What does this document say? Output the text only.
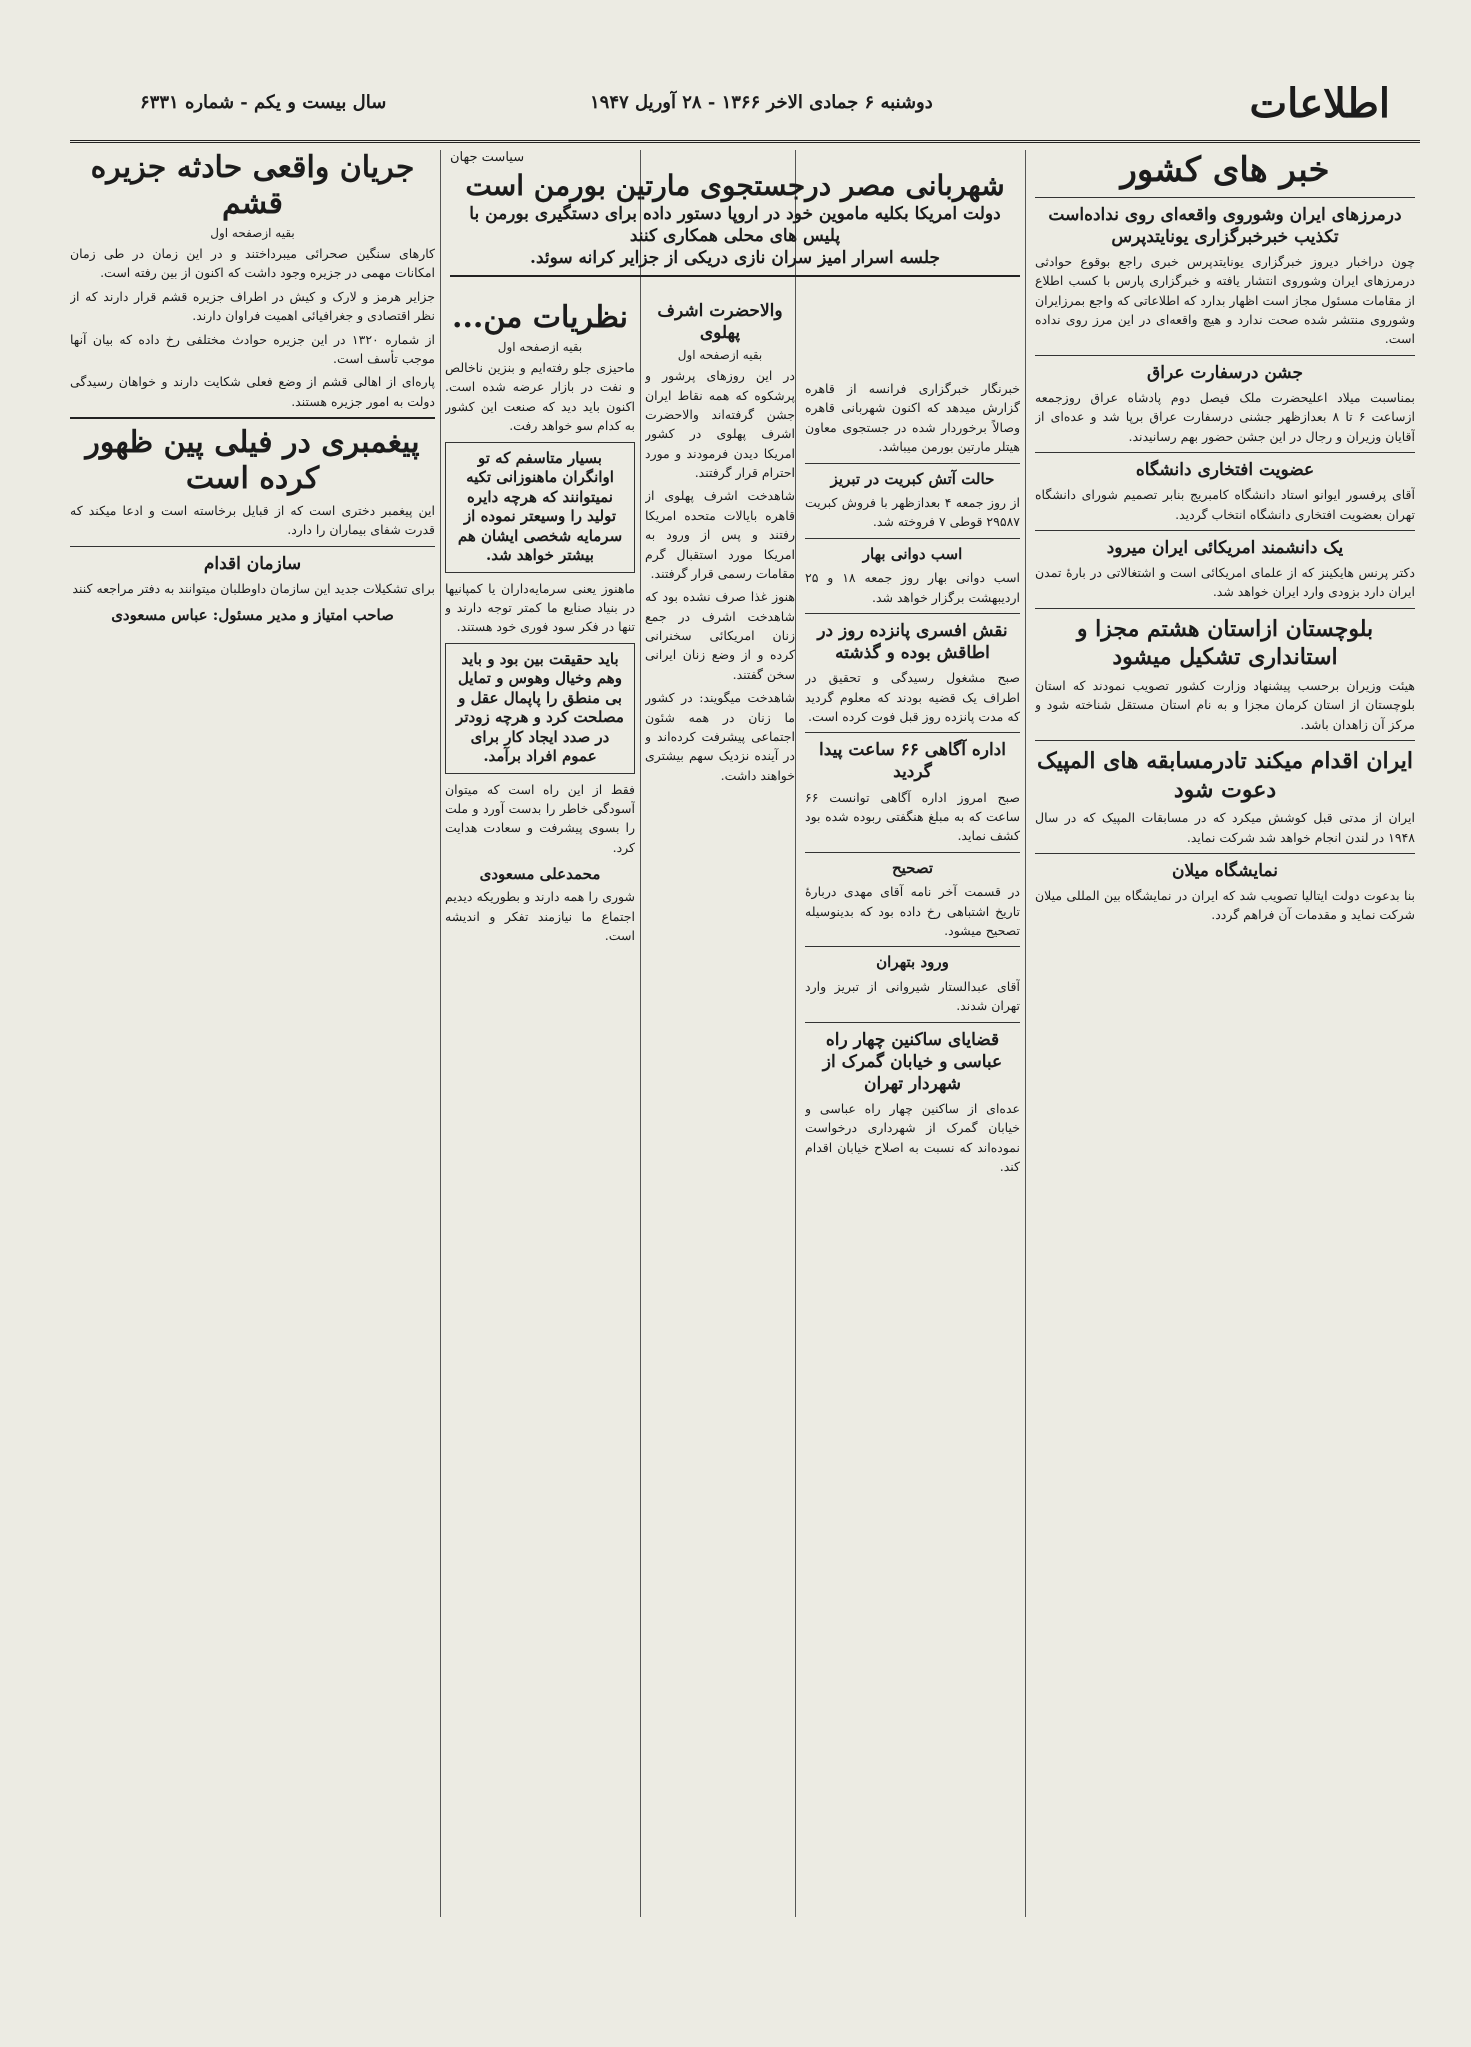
سال بیست و یکم - شماره ۶۳۳۱	دوشنبه ۶ جمادی الاخر ۱۳۶۶ - ۲۸ آوریل ۱۹۴۷	اطلاعات
خبر های کشور
درمرزهای ایران وشوروی واقعه‌ای روی نداده‌است تکذیب خبرخبرگزاری یونایتدپرس

چون دراخبار دیروز خبرگزاری یونایتدپرس خبری راجع بوقوع حوادثی درمرزهای ایران وشوروی انتشار یافته و خبرگزاری پارس با کسب اطلاع از مقامات مسئول مجاز است اظهار بدارد که اطلاعاتی که واجع بمرزایران وشوروی منتشر شده صحت ندارد و هیچ واقعه‌ای در این مرز روی نداده است.

جشن درسفارت عراق

بمناسبت میلاد اعلیحضرت ملک فیصل دوم پادشاه عراق روزجمعه ازساعت ۶ تا ۸ بعدازظهر جشنی درسفارت عراق برپا شد و عده‌ای از آقایان وزیران و رجال در این جشن حضور بهم رسانیدند.

عضویت افتخاری دانشگاه

آقای پرفسور ایوانو استاد دانشگاه کامبریج بنابر تصمیم شورای دانشگاه تهران بعضویت افتخاری دانشگاه انتخاب گردید.

یک دانشمند امریکائی ایران میرود

دکتر پرنس هایکینز که از علمای امریکائی است و اشتغالاتی در بارهٔ تمدن ایران دارد بزودی وارد ایران خواهد شد.

بلوچستان ازاستان هشتم مجزا و استانداری تشکیل میشود

هیئت وزیران برحسب پیشنهاد وزارت کشور تصویب نمودند که استان بلوچستان از استان کرمان مجزا و به نام استان مستقل شناخته شود و مرکز آن زاهدان باشد.

ایران اقدام میکند تادرمسابقه های المپیک دعوت شود

ایران از مدتی قبل کوشش میکرد که در مسابقات المپیک که در سال ۱۹۴۸ در لندن انجام خواهد شد شرکت نماید.

نمایشگاه میلان

بنا بدعوت دولت ایتالیا تصویب شد که ایران در نمایشگاه بین المللی میلان شرکت نماید و مقدمات آن فراهم گردد.

سیاست جهان
شهربانی مصر درجستجوی مارتین بورمن است
دولت امریکا بکلیه ماموین خود در اروپا دستور داده برای دستگیری بورمن با پلیس های محلی همکاری کنند
جلسه اسرار امیز سران نازی دریکی از جزایر کرانه سوئد.

خبرنگار خبرگزاری فرانسه از قاهره گزارش میدهد که اکنون شهربانی قاهره وصالاً برخوردار شده در جستجوی معاون هیتلر مارتین بورمن میباشد.

حالت آتش کبریت در تبریز

از روز جمعه ۴ بعدازظهر با فروش کبریت ۲۹۵۸۷ قوطی ۷ فروخته شد.

اسب دوانی بهار

اسب دوانی بهار روز جمعه ۱۸ و ۲۵ اردیبهشت برگزار خواهد شد.

نقش افسری پانزده روز در اطاقش بوده و گذشته

صبح مشغول رسیدگی و تحقیق در اطراف یک قضیه بودند که معلوم گردید که مدت پانزده روز قبل فوت کرده است.

اداره آگاهی ۶۶ ساعت پیدا گردید

صبح امروز اداره آگاهی توانست ۶۶ ساعت که به مبلغ هنگفتی ربوده شده بود کشف نماید.

تصحیح

در قسمت آخر نامه آقای مهدی دربارهٔ تاریخ اشتباهی رخ داده بود که بدینوسیله تصحیح میشود.

ورود بتهران

آقای عبدالستار شیروانی از تبریز وارد تهران شدند.

قضایای ساکنین چهار راه عباسی و خیابان گمرک از شهردار تهران

عده‌ای از ساکنین چهار راه عباسی و خیابان گمرک از شهرداری درخواست نموده‌اند که نسبت به اصلاح خیابان اقدام کند.

والاحضرت اشرف پهلوی
بقیه ازصفحه اول

در این روزهای پرشور و پرشکوه که همه نقاط ایران جشن گرفته‌اند والاحضرت اشرف پهلوی در کشور امریکا دیدن فرمودند و مورد احترام قرار گرفتند.

شاهدخت اشرف پهلوی از قاهره بایالات متحده امریکا رفتند و پس از ورود به امریکا مورد استقبال گرم مقامات رسمی قرار گرفتند.

هنوز غذا صرف نشده بود که شاهدخت اشرف در جمع زنان امریکائی سخنرانی کرده و از وضع زنان ایرانی سخن گفتند.

شاهدخت میگویند: در کشور ما زنان در همه شئون اجتماعی پیشرفت کرده‌اند و در آینده نزدیک سهم بیشتری خواهند داشت.

نظریات من...
بقیه ازصفحه اول

ماحیزی جلو رفته‌ایم و بنزین ناخالص و نفت در بازار عرضه شده است. اکنون باید دید که صنعت این کشور به کدام سو خواهد رفت.

بسیار متاسفم که تو اوانگران ماهنوزانی تکیه نمیتوانند که هرچه دایره تولید را وسیعتر نموده از سرمایه شخصی ایشان هم بیشتر خواهد شد.

ماهنوز یعنی سرمایه‌داران یا کمپانیها در بنیاد صنایع ما کمتر توجه دارند و تنها در فکر سود فوری خود هستند.

باید حقیقت بین بود و باید وهم وخیال وهوس و تمایل بی منطق را پاپمال عقل و مصلحت کرد و هرچه زودتر در صدد ایجاد کار برای عموم افراد برآمد.

فقط از این راه است که میتوان آسودگی خاطر را بدست آورد و ملت را بسوی پیشرفت و سعادت هدایت کرد.

محمدعلی مسعودی

شوری را همه دارند و بطوریکه دیدیم اجتماع ما نیازمند تفکر و اندیشه است.

جریان واقعی حادثه جزیره قشم
بقیه ازصفحه اول

کارهای سنگین صحرائی میبرداختند و در این زمان در طی زمان امکانات مهمی در جزیره وجود داشت که اکنون از بین رفته است.

جزایر هرمز و لارک و کیش در اطراف جزیره قشم قرار دارند که از نظر اقتصادی و جغرافیائی اهمیت فراوان دارند.

از شماره ۱۳۲۰ در این جزیره حوادث مختلفی رخ داده که بیان آنها موجب تأسف است.

پاره‌ای از اهالی قشم از وضع فعلی شکایت دارند و خواهان رسیدگی دولت به امور جزیره هستند.

پیغمبری در فیلی پین ظهور کرده است

این پیغمبر دختری است که از قبایل برخاسته است و ادعا میکند که قدرت شفای بیماران را دارد.

سازمان اقدام

برای تشکیلات جدید این سازمان داوطلبان میتوانند به دفتر مراجعه کنند

صاحب امتیاز و مدیر مسئول: عباس مسعودی
